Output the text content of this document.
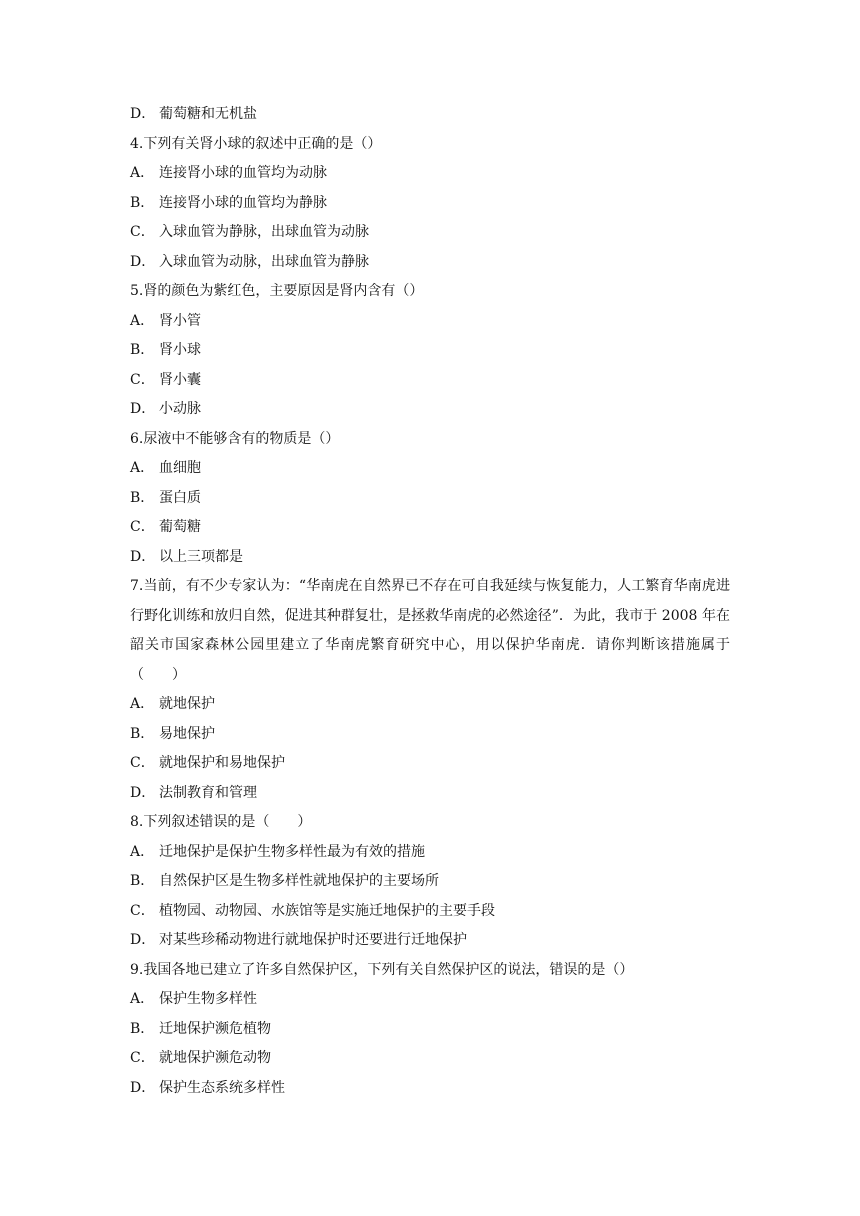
D． 葡萄糖和无机盐
4.下列有关肾小球的叙述中正确的是（）
A． 连接肾小球的血管均为动脉
B． 连接肾小球的血管均为静脉
C． 入球血管为静脉，出球血管为动脉
D． 入球血管为动脉，出球血管为静脉
5.肾的颜色为紫红色，主要原因是肾内含有（）
A． 肾小管
B． 肾小球
C． 肾小囊
D． 小动脉
6.尿液中不能够含有的物质是（）
A． 血细胞
B． 蛋白质
C． 葡萄糖
D． 以上三项都是
7.当前，有不少专家认为：“华南虎在自然界已不存在可自我延续与恢复能力，人工繁育华南虎进行野化训练和放归自然，促进其种群复壮，是拯救华南虎的必然途径”．为此，我市于 2008 年在韶关市国家森林公园里建立了华南虎繁育研究中心，用以保护华南虎．请你判断该措施属于（　　）
A． 就地保护
B． 易地保护
C． 就地保护和易地保护
D． 法制教育和管理
8.下列叙述错误的是（　　）
A． 迁地保护是保护生物多样性最为有效的措施
B． 自然保护区是生物多样性就地保护的主要场所
C． 植物园、动物园、水族馆等是实施迁地保护的主要手段
D． 对某些珍稀动物进行就地保护时还要进行迁地保护
9.我国各地已建立了许多自然保护区，下列有关自然保护区的说法，错误的是（）
A． 保护生物多样性
B． 迁地保护濒危植物
C． 就地保护濒危动物
D． 保护生态系统多样性
